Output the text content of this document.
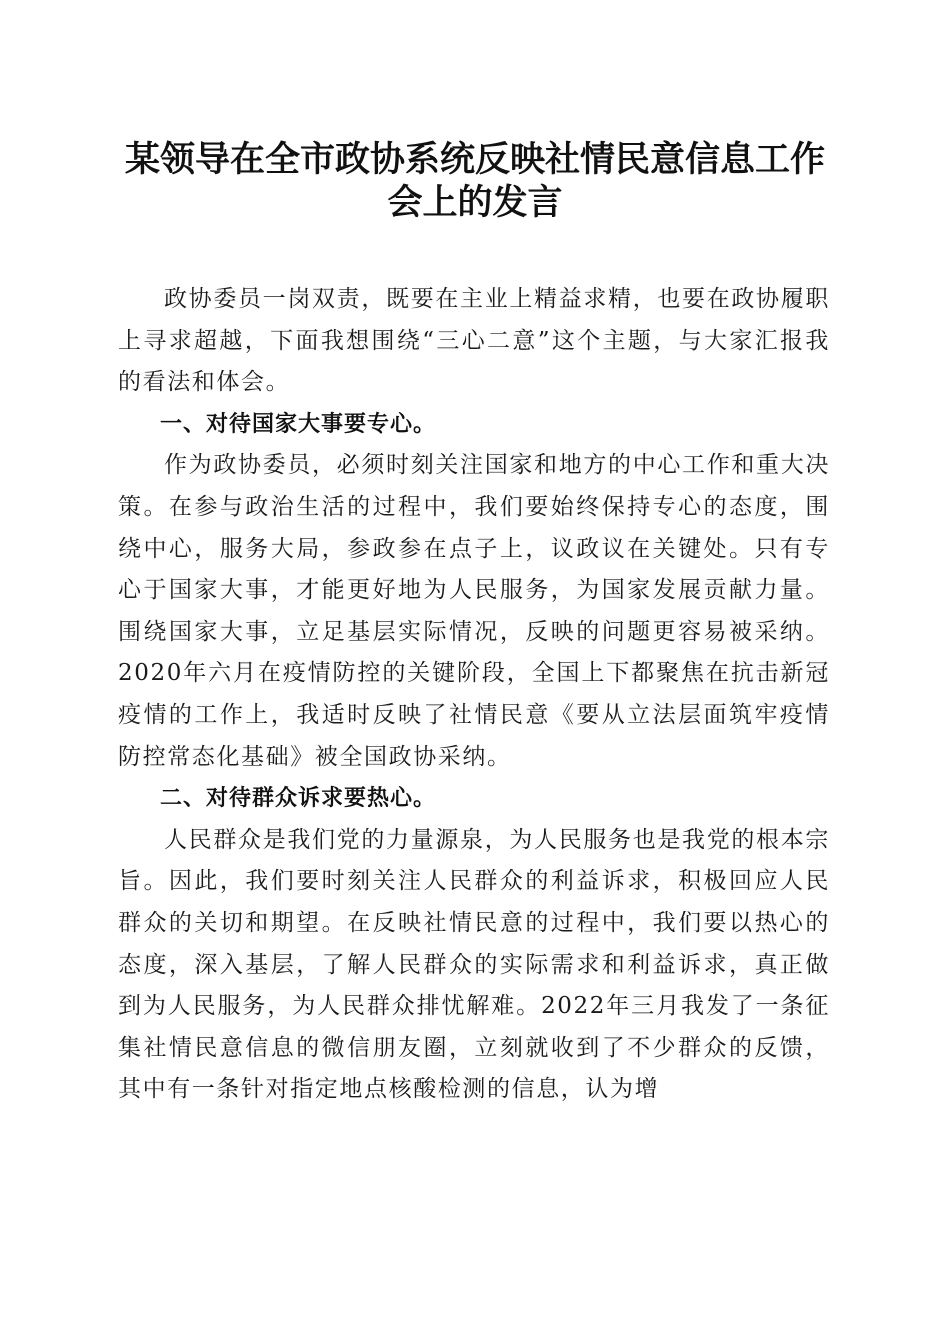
某领导在全市政协系统反映社情民意信息工作
会上的发言

政协委员一岗双责，既要在主业上精益求精，也要在政协履职上寻求超越，下面我想围绕“三心二意”这个主题，与大家汇报我的看法和体会。

一、对待国家大事要专心。

作为政协委员，必须时刻关注国家和地方的中心工作和重大决策。在参与政治生活的过程中，我们要始终保持专心的态度，围绕中心，服务大局，参政参在点子上，议政议在关键处。只有专心于国家大事，才能更好地为人民服务，为国家发展贡献力量。围绕国家大事，立足基层实际情况，反映的问题更容易被采纳。2020年六月在疫情防控的关键阶段，全国上下都聚焦在抗击新冠疫情的工作上，我适时反映了社情民意《要从立法层面筑牢疫情防控常态化基础》被全国政协采纳。

二、对待群众诉求要热心。

人民群众是我们党的力量源泉，为人民服务也是我党的根本宗旨。因此，我们要时刻关注人民群众的利益诉求，积极回应人民群众的关切和期望。在反映社情民意的过程中，我们要以热心的态度，深入基层，了解人民群众的实际需求和利益诉求，真正做到为人民服务，为人民群众排忧解难。2022年三月我发了一条征集社情民意信息的微信朋友圈，立刻就收到了不少群众的反馈，其中有一条针对指定地点核酸检测的信息，认为增
